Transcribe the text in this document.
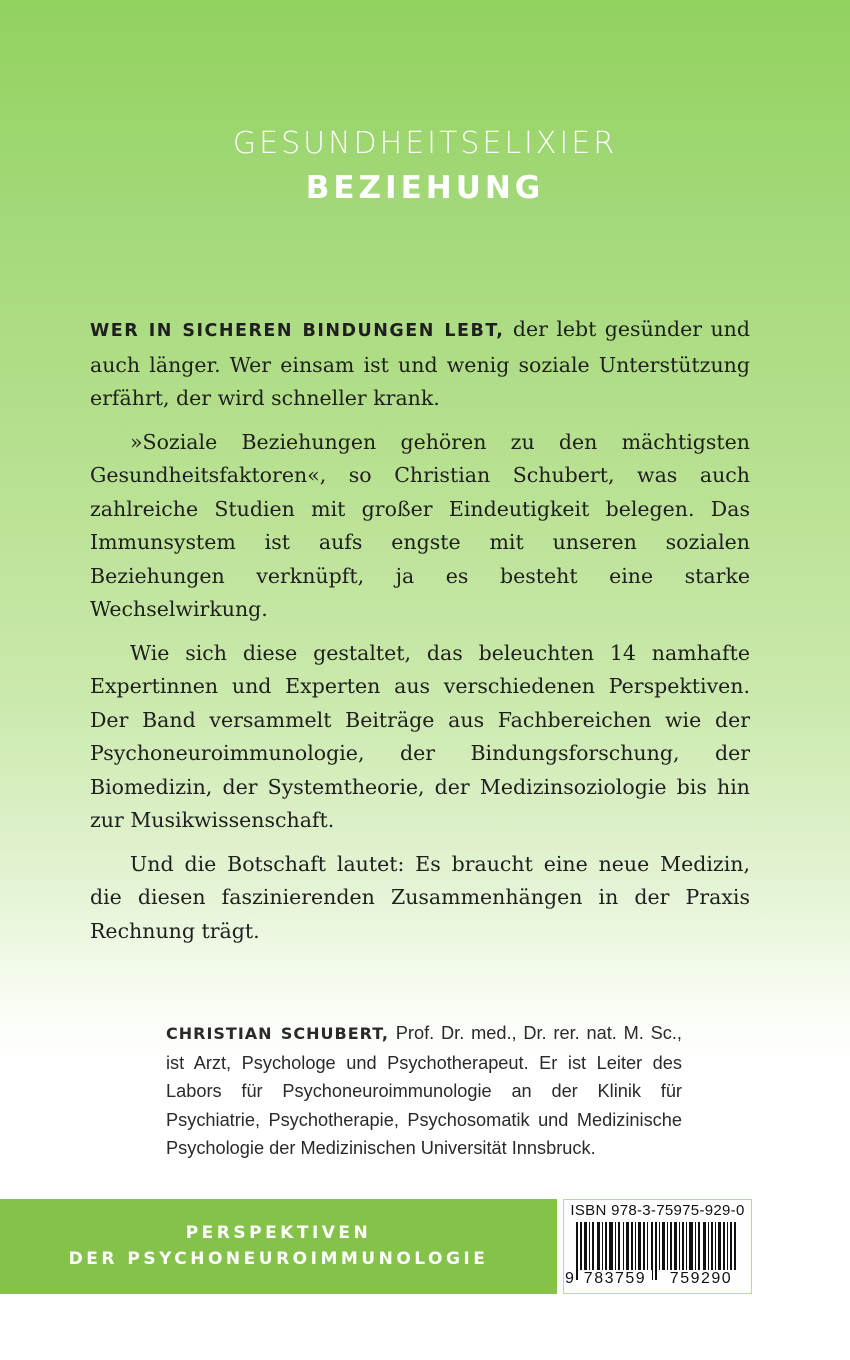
GESUNDHEITSELIXIER
BEZIEHUNG

WER IN SICHEREN BINDUNGEN LEBT, der lebt gesünder und auch länger. Wer einsam ist und wenig soziale Unterstützung erfährt, der wird schneller krank.

»Soziale Beziehungen gehören zu den mächtigsten Gesundheitsfaktoren«, so Christian Schubert, was auch zahlreiche Studien mit großer Eindeutigkeit belegen. Das Immunsystem ist aufs engste mit unseren sozialen Beziehungen verknüpft, ja es besteht eine starke Wechselwirkung.

Wie sich diese gestaltet, das beleuchten 14 namhafte Expertinnen und Experten aus verschiedenen Perspektiven. Der Band versammelt Beiträge aus Fachbereichen wie der Psychoneuroimmunologie, der Bindungsforschung, der Biomedizin, der Systemtheorie, der Medizinsoziologie bis hin zur Musikwissenschaft.

Und die Botschaft lautet: Es braucht eine neue Medizin, die diesen faszinierenden Zusammenhängen in der Praxis Rechnung trägt.

CHRISTIAN SCHUBERT, Prof. Dr. med., Dr. rer. nat. M. Sc., ist Arzt, Psychologe und Psychotherapeut. Er ist Leiter des Labors für Psychoneuroimmunologie an der Klinik für Psychiatrie, Psychotherapie, Psychosomatik und Medizinische Psychologie der Medizinischen Universität Innsbruck.
PERSPEKTIVEN
DER PSYCHONEUROIMMUNOLOGIE
ISBN 978-3-75975-929-0
9 783759	759290
